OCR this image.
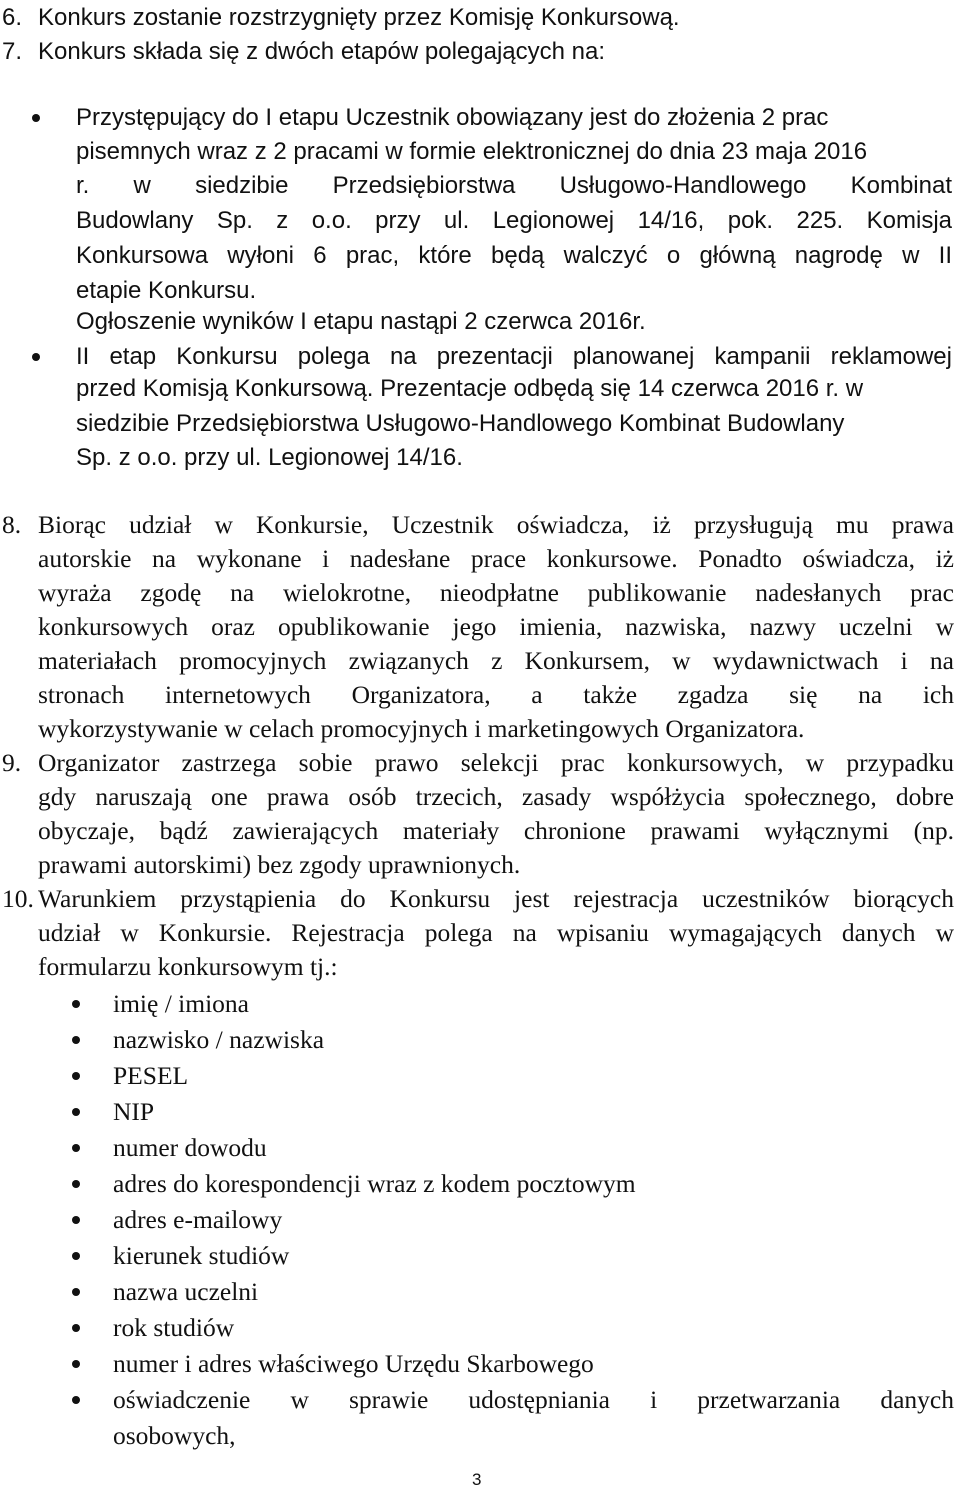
6. Konkurs zostanie rozstrzygnięty przez Komisję Konkursową.
7. Konkurs składa się z dwóch etapów polegających na:
Przystępujący do I etapu Uczestnik obowiązany jest do złożenia 2 prac
pisemnych wraz z 2 pracami w formie elektronicznej do dnia 23 maja 2016
r. w siedzibie Przedsiębiorstwa Usługowo-Handlowego Kombinat
Budowlany Sp. z o.o. przy ul. Legionowej 14/16, pok. 225. Komisja
Konkursowa wyłoni 6 prac, które będą walczyć o główną nagrodę w II
etapie Konkursu.
Ogłoszenie wyników I etapu nastąpi 2 czerwca 2016r.
II etap Konkursu polega na prezentacji planowanej kampanii reklamowej
przed Komisją Konkursową. Prezentacje odbędą się 14 czerwca 2016 r. w
siedzibie Przedsiębiorstwa Usługowo-Handlowego Kombinat Budowlany
Sp. z o.o. przy ul. Legionowej 14/16.
8. Biorąc udział w Konkursie, Uczestnik oświadcza, iż przysługują mu prawa
autorskie na wykonane i nadesłane prace konkursowe. Ponadto oświadcza, iż
wyraża zgodę na wielokrotne, nieodpłatne publikowanie nadesłanych prac
konkursowych oraz opublikowanie jego imienia, nazwiska, nazwy uczelni w
materiałach promocyjnych związanych z Konkursem, w wydawnictwach i na
stronach internetowych Organizatora, a także zgadza się na ich
wykorzystywanie w celach promocyjnych i marketingowych Organizatora.
9. Organizator zastrzega sobie prawo selekcji prac konkursowych, w przypadku
gdy naruszają one prawa osób trzecich, zasady współżycia społecznego, dobre
obyczaje, bądź zawierających materiały chronione prawami wyłącznymi (np.
prawami autorskimi) bez zgody uprawnionych.
10. Warunkiem przystąpienia do Konkursu jest rejestracja uczestników biorących
udział w Konkursie. Rejestracja polega na wpisaniu wymagających danych w
formularzu konkursowym tj.:
imię / imiona
nazwisko / nazwiska
PESEL
NIP
numer dowodu
adres do korespondencji wraz z kodem pocztowym
adres e-mailowy
kierunek studiów
nazwa uczelni
rok studiów
numer i adres właściwego Urzędu Skarbowego
oświadczenie w sprawie udostępniania i przetwarzania danych
osobowych,
3
